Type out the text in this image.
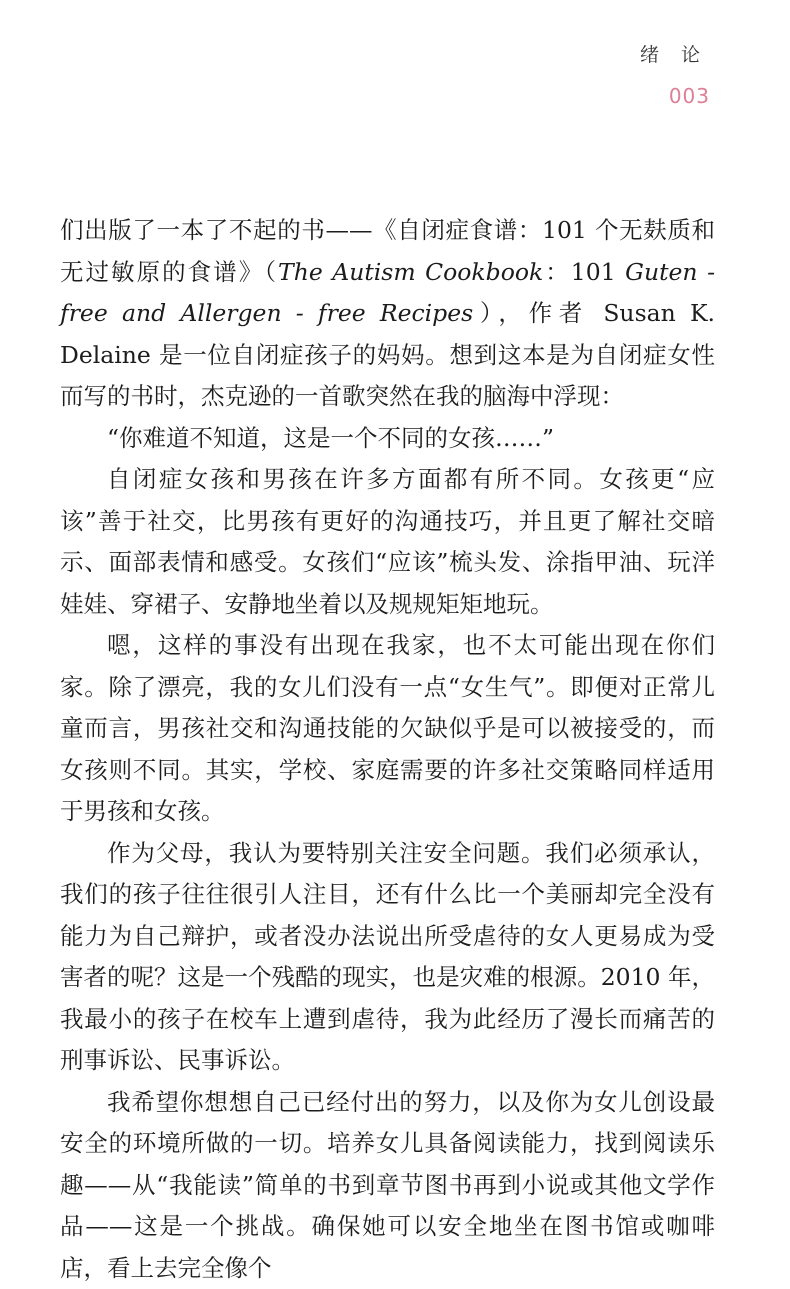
绪 论
003

们出版了一本了不起的书——《自闭症食谱：101 个无麸质和无过敏原的食谱》（The Autism Cookbook：101 Guten - free and Allergen - free Recipes），作者 Susan K. Delaine 是一位自闭症孩子的妈妈。想到这本是为自闭症女性而写的书时，杰克逊的一首歌突然在我的脑海中浮现：

“你难道不知道，这是一个不同的女孩……”

自闭症女孩和男孩在许多方面都有所不同。女孩更“应该”善于社交，比男孩有更好的沟通技巧，并且更了解社交暗示、面部表情和感受。女孩们“应该”梳头发、涂指甲油、玩洋娃娃、穿裙子、安静地坐着以及规规矩矩地玩。

嗯，这样的事没有出现在我家，也不太可能出现在你们家。除了漂亮，我的女儿们没有一点“女生气”。即便对正常儿童而言，男孩社交和沟通技能的欠缺似乎是可以被接受的，而女孩则不同。其实，学校、家庭需要的许多社交策略同样适用于男孩和女孩。

作为父母，我认为要特别关注安全问题。我们必须承认，我们的孩子往往很引人注目，还有什么比一个美丽却完全没有能力为自己辩护，或者没办法说出所受虐待的女人更易成为受害者的呢？这是一个残酷的现实，也是灾难的根源。2010 年，我最小的孩子在校车上遭到虐待，我为此经历了漫长而痛苦的刑事诉讼、民事诉讼。

我希望你想想自己已经付出的努力，以及你为女儿创设最安全的环境所做的一切。培养女儿具备阅读能力，找到阅读乐趣——从“我能读”简单的书到章节图书再到小说或其他文学作品——这是一个挑战。确保她可以安全地坐在图书馆或咖啡店，看上去完全像个
